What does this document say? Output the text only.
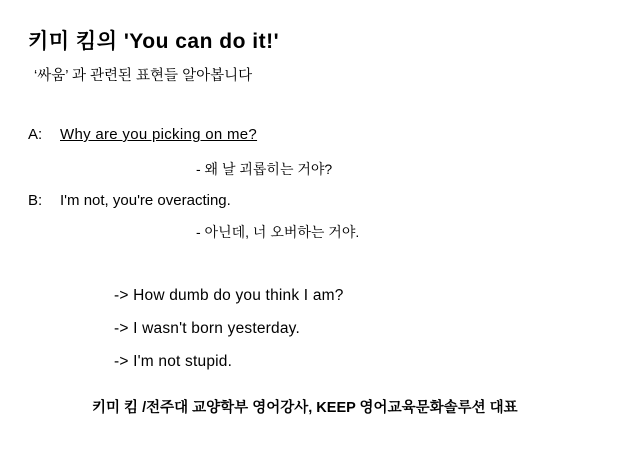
키미 킴의 'You can do it!'
‘싸움’ 과 관련된 표현들 알아봅니다
A: Why are you picking on me?
- 왜 날 괴롭히는 거야?
B: I'm not, you're overacting.
- 아닌데, 너 오버하는 거야.
-> How dumb do you think I am?
-> I wasn't born yesterday.
-> I'm not stupid.
키미 킴 /전주대 교양학부 영어강사, KEEP 영어교육문화솔루션 대표
